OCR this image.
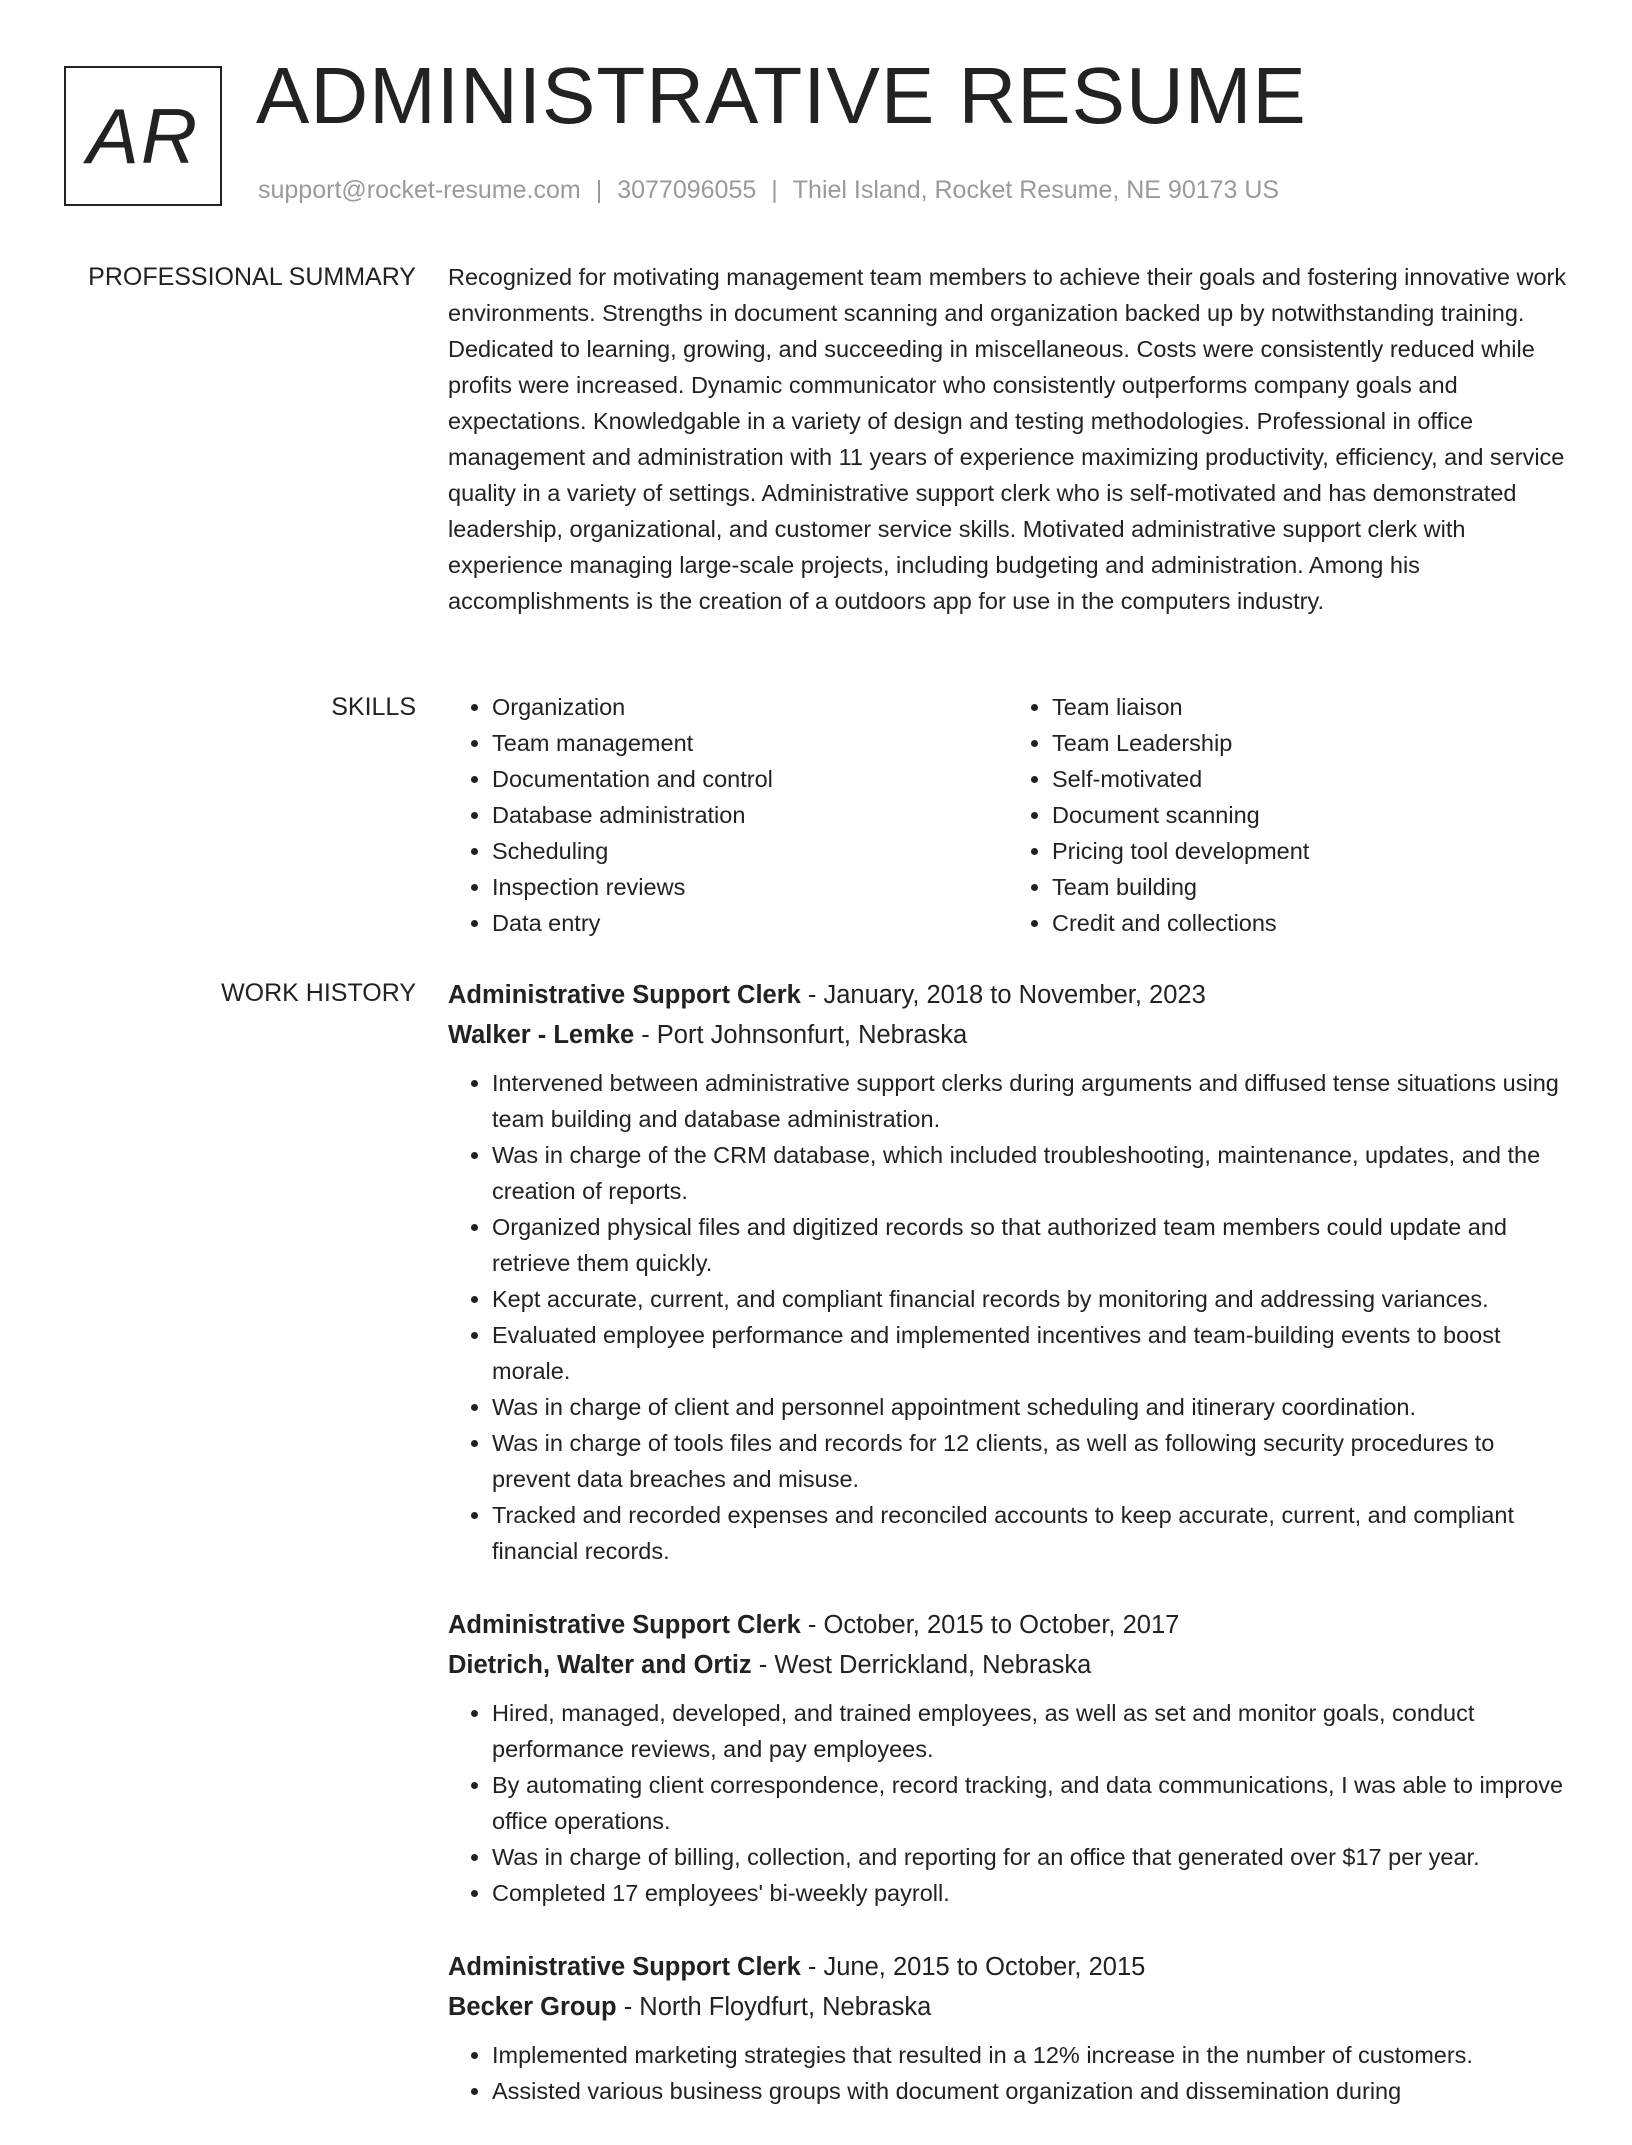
AR ADMINISTRATIVE RESUME
support@rocket-resume.com | 3077096055 | Thiel Island, Rocket Resume, NE 90173 US
PROFESSIONAL SUMMARY Recognized for motivating management team members to achieve their goals and fostering innovative work environments. Strengths in document scanning and organization backed up by notwithstanding training. Dedicated to learning, growing, and succeeding in miscellaneous. Costs were consistently reduced while profits were increased. Dynamic communicator who consistently outperforms company goals and expectations. Knowledgable in a variety of design and testing methodologies. Professional in office management and administration with 11 years of experience maximizing productivity, efficiency, and service quality in a variety of settings. Administrative support clerk who is self-motivated and has demonstrated leadership, organizational, and customer service skills. Motivated administrative support clerk with experience managing large-scale projects, including budgeting and administration. Among his accomplishments is the creation of a outdoors app for use in the computers industry.
SKILLS
•	Organization
• Team management
• Documentation and control
• Database administration
• Scheduling
• Inspection reviews
• Data entry
• Team liaison
• Team Leadership
• Self-motivated
• Document scanning
• Pricing tool development
• Team building
• Credit and collections
WORK HISTORY Administrative Support Clerk - January, 2018 to November, 2023
Walker - Lemke - Port Johnsonfurt, Nebraska
• Intervened between administrative support clerks during arguments and diffused tense situations using team building and database administration.
• Was in charge of the CRM database, which included troubleshooting, maintenance, updates, and the creation of reports.
• Organized physical files and digitized records so that authorized team members could update and retrieve them quickly.
• Kept accurate, current, and compliant financial records by monitoring and addressing variances.
• Evaluated employee performance and implemented incentives and team-building events to boost morale.
• Was in charge of client and personnel appointment scheduling and itinerary coordination.
• Was in charge of tools files and records for 12 clients, as well as following security procedures to prevent data breaches and misuse.
• Tracked and recorded expenses and reconciled accounts to keep accurate, current, and compliant financial records.
Administrative Support Clerk - October, 2015 to October, 2017
Dietrich, Walter and Ortiz - West Derrickland, Nebraska
• Hired, managed, developed, and trained employees, as well as set and monitor goals, conduct performance reviews, and pay employees.
• By automating client correspondence, record tracking, and data communications, I was able to improve office operations.
• Was in charge of billing, collection, and reporting for an office that generated over $17 per year.
• Completed 17 employees' bi-weekly payroll.
Administrative Support Clerk - June, 2015 to October, 2015
Becker Group - North Floydfurt, Nebraska
• Implemented marketing strategies that resulted in a 12% increase in the number of customers.
• Assisted various business groups with document organization and dissemination during
